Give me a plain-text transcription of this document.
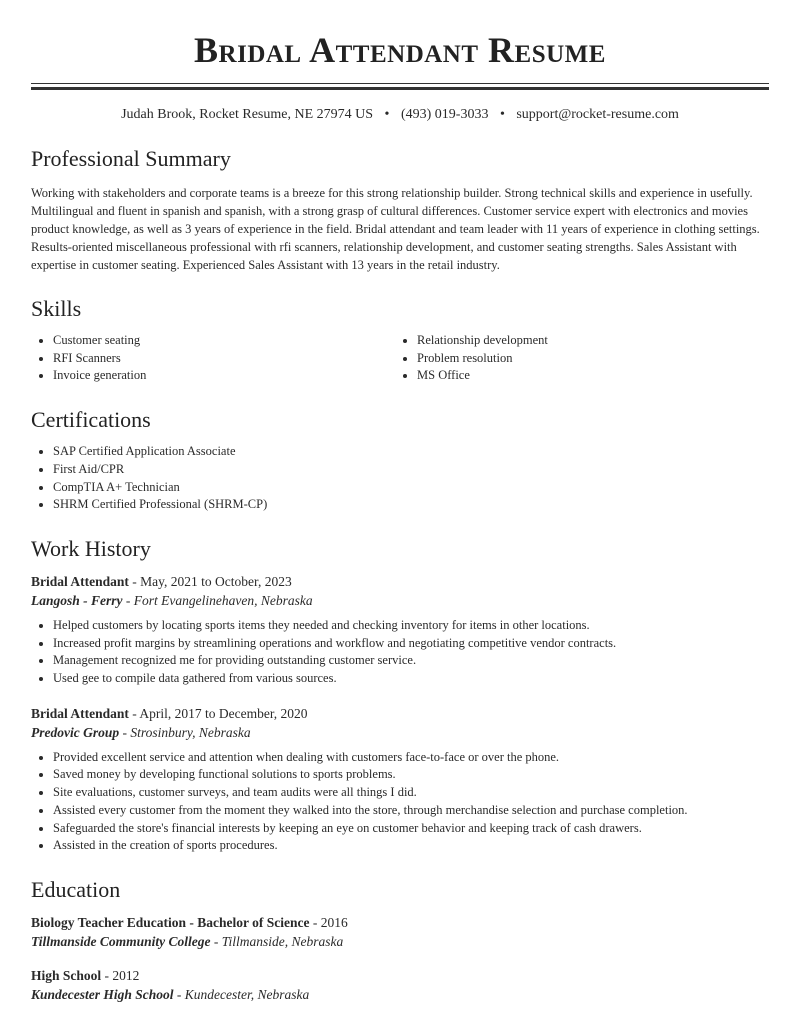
Bridal Attendant Resume
Judah Brook, Rocket Resume, NE 27974 US • (493) 019-3033 • support@rocket-resume.com
Professional Summary
Working with stakeholders and corporate teams is a breeze for this strong relationship builder. Strong technical skills and experience in usefully. Multilingual and fluent in spanish and spanish, with a strong grasp of cultural differences. Customer service expert with electronics and movies product knowledge, as well as 3 years of experience in the field. Bridal attendant and team leader with 11 years of experience in clothing settings. Results-oriented miscellaneous professional with rfi scanners, relationship development, and customer seating strengths. Sales Assistant with expertise in customer seating. Experienced Sales Assistant with 13 years in the retail industry.
Skills
• Customer seating
• RFI Scanners
• Invoice generation
• Relationship development
• Problem resolution
• MS Office
Certifications
• SAP Certified Application Associate
• First Aid/CPR
• CompTIA A+ Technician
• SHRM Certified Professional (SHRM-CP)
Work History
Bridal Attendant - May, 2021 to October, 2023
Langosh - Ferry - Fort Evangelinehaven, Nebraska
• Helped customers by locating sports items they needed and checking inventory for items in other locations.
• Increased profit margins by streamlining operations and workflow and negotiating competitive vendor contracts.
• Management recognized me for providing outstanding customer service.
• Used gee to compile data gathered from various sources.
Bridal Attendant - April, 2017 to December, 2020
Predovic Group - Strosinbury, Nebraska
• Provided excellent service and attention when dealing with customers face-to-face or over the phone.
• Saved money by developing functional solutions to sports problems.
• Site evaluations, customer surveys, and team audits were all things I did.
• Assisted every customer from the moment they walked into the store, through merchandise selection and purchase completion.
• Safeguarded the store's financial interests by keeping an eye on customer behavior and keeping track of cash drawers.
• Assisted in the creation of sports procedures.
Education
Biology Teacher Education - Bachelor of Science - 2016
Tillmanside Community College - Tillmanside, Nebraska
High School - 2012
Kundecester High School - Kundecester, Nebraska
